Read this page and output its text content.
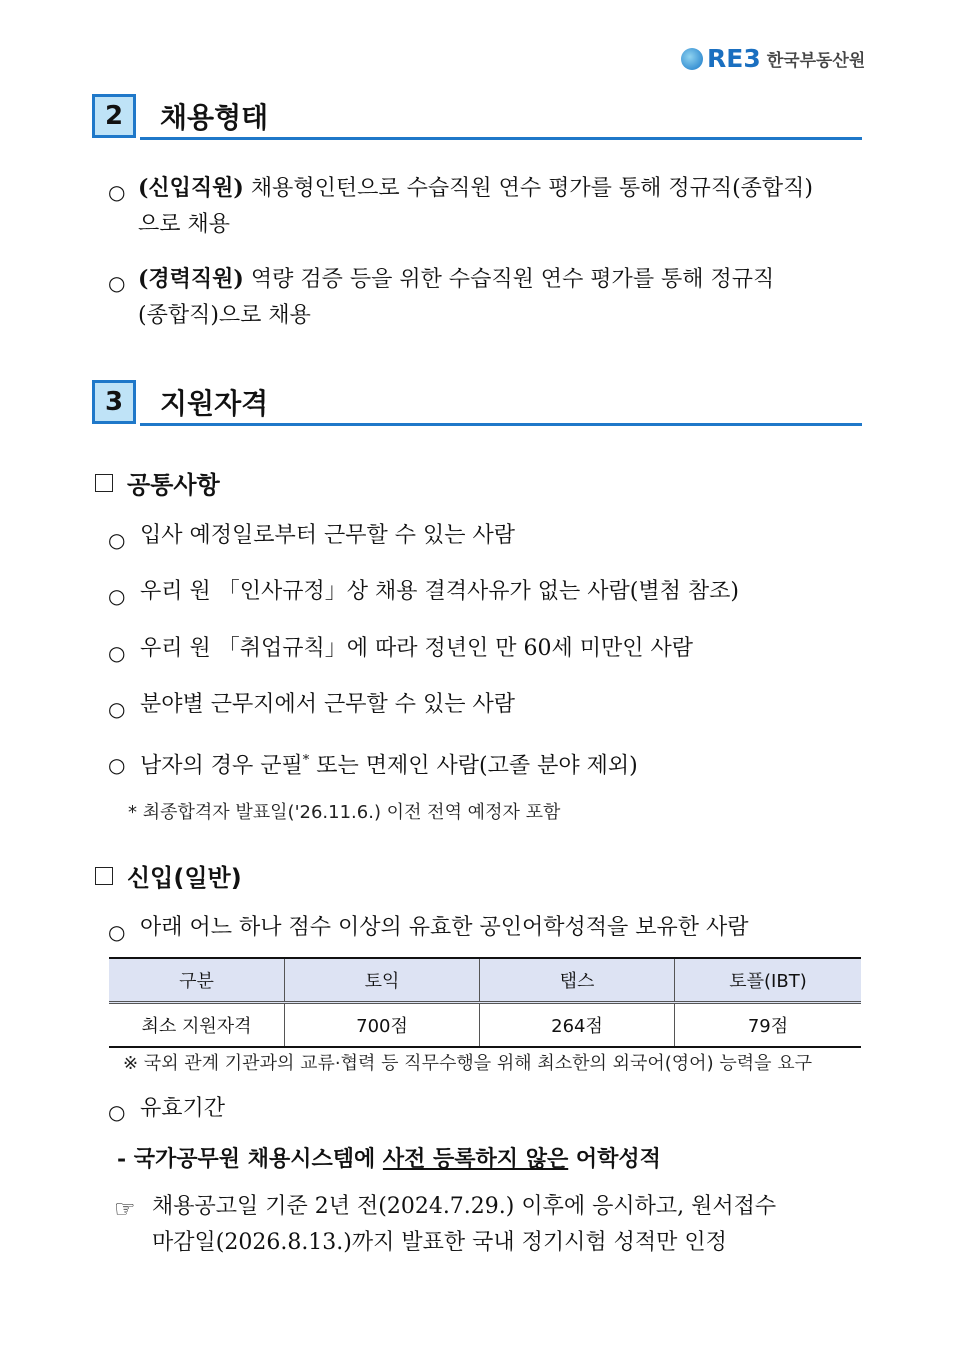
RE3 한국부동산원
2	채용형태
○ (신입직원) 채용형인턴으로 수습직원 연수 평가를 통해 정규직(종합직)
으로 채용
○ (경력직원) 역량 검증 등을 위한 수습직원 연수 평가를 통해 정규직
(종합직)으로 채용
3	지원자격
공통사항
○ 입사 예정일로부터 근무할 수 있는 사람
○ 우리 원 「인사규정」상 채용 결격사유가 없는 사람(별첨 참조)
○ 우리 원 「취업규칙」에 따라 정년인 만 60세 미만인 사람
○ 분야별 근무지에서 근무할 수 있는 사람
○ 남자의 경우 군필* 또는 면제인 사람(고졸 분야 제외)
* 최종합격자 발표일('26.11.6.) 이전 전역 예정자 포함
신입(일반)
○ 아래 어느 하나 점수 이상의 유효한 공인어학성적을 보유한 사람
구분	토익	탭스	토플(IBT)
최소 지원자격	700점	264점	79점
※ 국외 관계 기관과의 교류·협력 등 직무수행을 위해 최소한의 외국어(영어) 능력을 요구
○ 유효기간
- 국가공무원 채용시스템에 사전 등록하지 않은 어학성적
☞ 채용공고일 기준 2년 전(2024.7.29.) 이후에 응시하고, 원서접수
마감일(2026.8.13.)까지 발표한 국내 정기시험 성적만 인정
